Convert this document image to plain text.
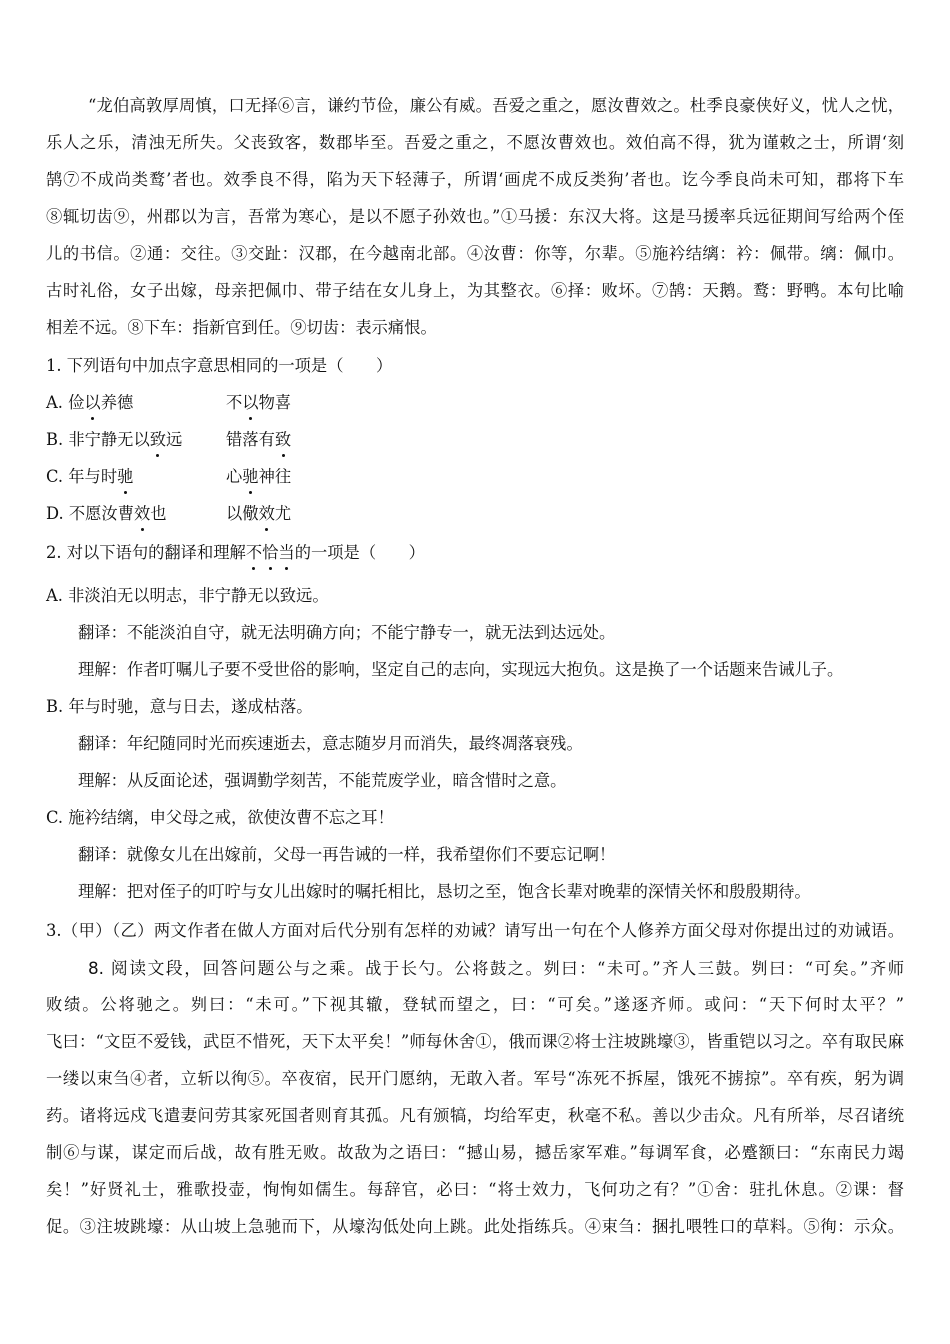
“龙伯高敦厚周慎，口无择⑥言，谦约节俭，廉公有威。吾爱之重之，愿汝曹效之。杜季良豪侠好义，忧人之忧，
乐人之乐，清浊无所失。父丧致客，数郡毕至。吾爱之重之，不愿汝曹效也。效伯高不得，犹为谨敕之士，所谓‘刻
鹄⑦不成尚类鹜’者也。效季良不得，陷为天下轻薄子，所谓‘画虎不成反类狗’者也。讫今季良尚未可知，郡将下车
⑧辄切齿⑨，州郡以为言，吾常为寒心，是以不愿子孙效也。”①马援：东汉大将。这是马援率兵远征期间写给两个侄
儿的书信。②通：交往。③交趾：汉郡，在今越南北部。④汝曹：你等，尔辈。⑤施衿结缡：衿：佩带。缡：佩巾。
古时礼俗，女子出嫁，母亲把佩巾、带子结在女儿身上，为其整衣。⑥择：败坏。⑦鹄：天鹅。鹜：野鸭。本句比喻
相差不远。⑧下车：指新官到任。⑨切齿：表示痛恨。
1. 下列语句中加点字意思相同的一项是（　　）
A. 俭以养德	不以物喜
B. 非宁静无以致远	错落有致
C. 年与时驰	心驰神往
D. 不愿汝曹效也	以儆效尤
2. 对以下语句的翻译和理解不恰当的一项是（　　）
A. 非淡泊无以明志，非宁静无以致远。
翻译：不能淡泊自守，就无法明确方向；不能宁静专一，就无法到达远处。
理解：作者叮嘱儿子要不受世俗的影响，坚定自己的志向，实现远大抱负。这是换了一个话题来告诫儿子。
B. 年与时驰，意与日去，遂成枯落。
翻译：年纪随同时光而疾速逝去，意志随岁月而消失，最终凋落衰残。
理解：从反面论述，强调勤学刻苦，不能荒废学业，暗含惜时之意。
C. 施衿结缡，申父母之戒，欲使汝曹不忘之耳！
翻译：就像女儿在出嫁前，父母一再告诫的一样，我希望你们不要忘记啊！
理解：把对侄子的叮咛与女儿出嫁时的嘱托相比，恳切之至，饱含长辈对晚辈的深情关怀和殷殷期待。
3.（甲）（乙）两文作者在做人方面对后代分别有怎样的劝诫？请写出一句在个人修养方面父母对你提出过的劝诫语。
8. 阅读文段，回答问题公与之乘。战于长勺。公将鼓之。刿曰：“未可。”齐人三鼓。刿曰：“可矣。”齐师
败绩。公将驰之。刿曰：“未可。”下视其辙，登轼而望之，曰：“可矣。”遂逐齐师。或问：“天下何时太平？”
飞曰：“文臣不爱钱，武臣不惜死，天下太平矣！”师每休舍①，俄而课②将士注坡跳壕③，皆重铠以习之。卒有取民麻
一缕以束刍④者，立斩以徇⑤。卒夜宿，民开门愿纳，无敢入者。军号“冻死不拆屋，饿死不掳掠”。卒有疾，躬为调
药。诸将远戍飞遣妻问劳其家死国者则育其孤。凡有颁犒，均给军吏，秋毫不私。善以少击众。凡有所举，尽召诸统
制⑥与谋，谋定而后战，故有胜无败。故敌为之语曰：“撼山易，撼岳家军难。”每调军食，必蹙额曰：“东南民力竭
矣！”好贤礼士，雅歌投壶，恂恂如儒生。每辞官，必曰：“将士效力，飞何功之有？”①舍：驻扎休息。②课：督
促。③注坡跳壕：从山坡上急驰而下，从壕沟低处向上跳。此处指练兵。④束刍：捆扎喂牲口的草料。⑤徇：示众。
